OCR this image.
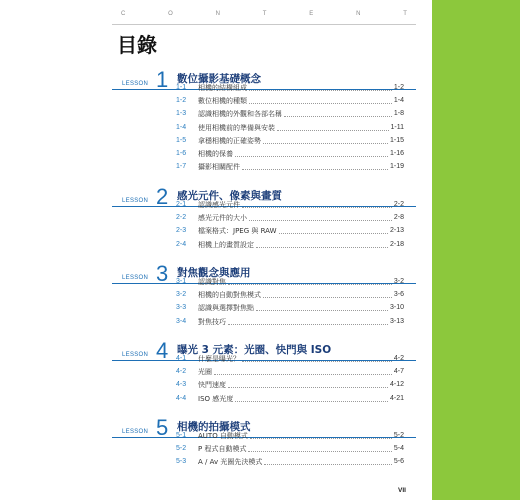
C	O	N	T	E	N	T
目錄
LESSON 1 數位攝影基礎概念
1-1	相機的結構組成	1-2
1-2	數位相機的種類	1-4
1-3	認識相機的外觀和各部名稱	1-8
1-4	使用相機前的準備與安裝	1-11
1-5	拿穩相機的正確姿勢	1-15
1-6	相機的保養	1-16
1-7	攝影相關配件	1-19
LESSON 2 感光元件、像素與畫質
2-1	認識感光元件	2-2
2-2	感光元件的大小	2-8
2-3	檔案格式：JPEG 與 RAW	2-13
2-4	相機上的畫質設定	2-18
LESSON 3 對焦觀念與應用
3-1	認識對焦	3-2
3-2	相機的自動對焦模式	3-6
3-3	認識與選擇對焦點	3-10
3-4	對焦技巧	3-13
LESSON 4 曝光 3 元素：光圈、快門與 ISO
4-1	什麼是曝光？	4-2
4-2	光圈	4-7
4-3	快門速度	4-12
4-4	ISO 感光度	4-21
LESSON 5 相機的拍攝模式
5-1	AUTO 自動模式	5-2
5-2	P 程式自動模式	5-4
5-3	A / Av 光圈先決模式	5-6
VII
